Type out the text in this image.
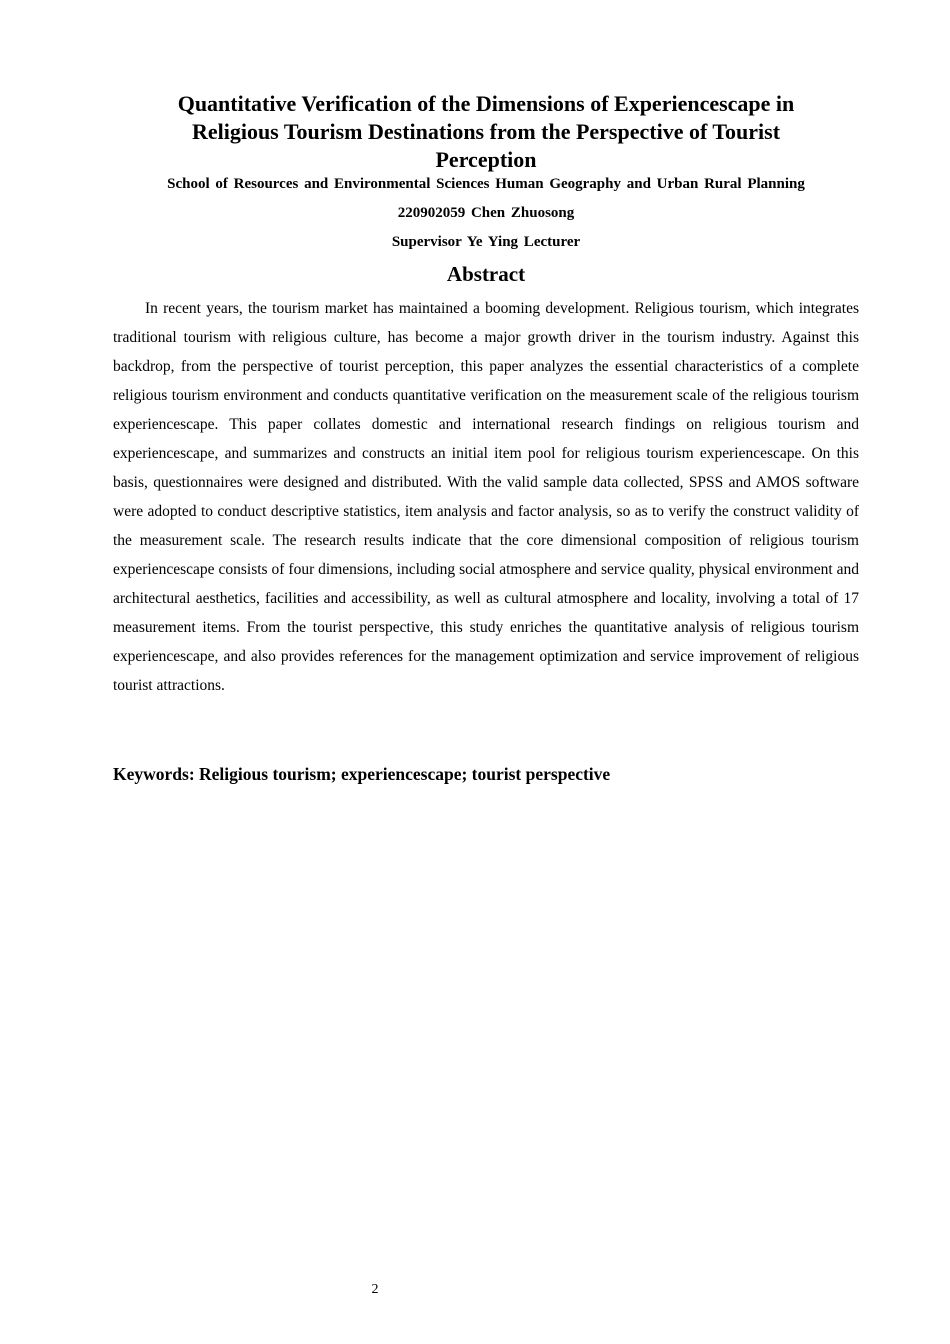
Quantitative Verification of the Dimensions of Experiencescape in
Religious Tourism Destinations from the Perspective of Tourist
Perception
School of Resources and Environmental Sciences Human Geography and Urban Rural Planning
220902059 Chen Zhuosong
Supervisor Ye Ying Lecturer
Abstract

In recent years, the tourism market has maintained a booming development. Religious tourism, which integrates traditional tourism with religious culture, has become a major growth driver in the tourism industry. Against this backdrop, from the perspective of tourist perception, this paper analyzes the essential characteristics of a complete religious tourism environment and conducts quantitative verification on the measurement scale of the religious tourism experiencescape. This paper collates domestic and international research findings on religious tourism and experiencescape, and summarizes and constructs an initial item pool for religious tourism experiencescape. On this basis, questionnaires were designed and distributed. With the valid sample data collected, SPSS and AMOS software were adopted to conduct descriptive statistics, item analysis and factor analysis, so as to verify the construct validity of the measurement scale. The research results indicate that the core dimensional composition of religious tourism experiencescape consists of four dimensions, including social atmosphere and service quality, physical environment and architectural aesthetics, facilities and accessibility, as well as cultural atmosphere and locality, involving a total of 17 measurement items. From the tourist perspective, this study enriches the quantitative analysis of religious tourism experiencescape, and also provides references for the management optimization and service improvement of religious tourist attractions.

Keywords: Religious tourism; experiencescape; tourist perspective
2
